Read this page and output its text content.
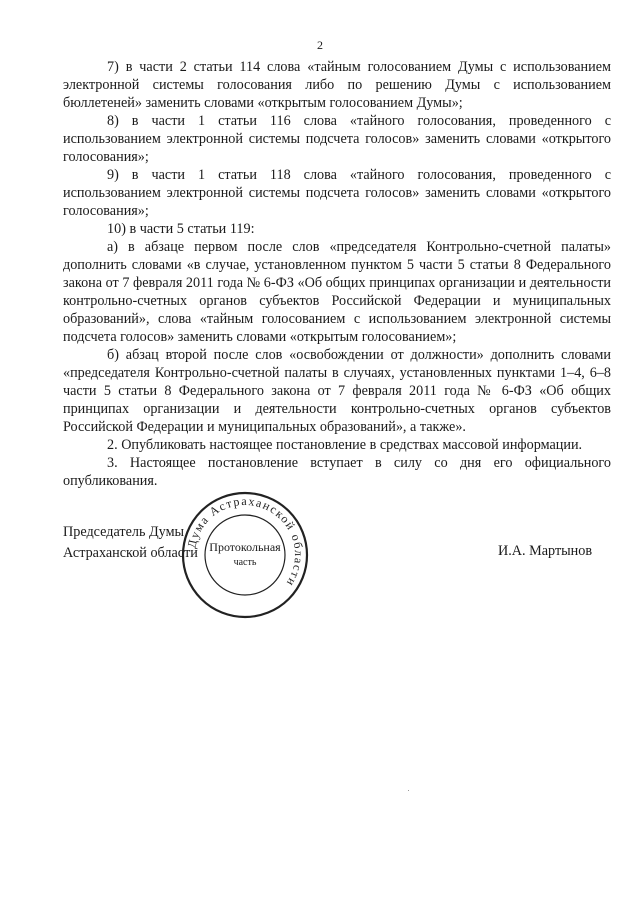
2

7) в части 2 статьи 114 слова «тайным голосованием Думы с использованием электронной системы голосования либо по решению Думы с использованием бюллетеней» заменить словами «открытым голосованием Думы»;

8) в части 1 статьи 116 слова «тайного голосования, проведенного с использованием электронной системы подсчета голосов» заменить словами «открытого голосования»;

9) в части 1 статьи 118 слова «тайного голосования, проведенного с использованием электронной системы подсчета голосов» заменить словами «открытого голосования»;

10) в части 5 статьи 119:

а) в абзаце первом после слов «председателя Контрольно-счетной палаты» дополнить словами «в случае, установленном пунктом 5 части 5 статьи 8 Федерального закона от 7 февраля 2011 года № 6-ФЗ «Об общих принципах организации и деятельности контрольно-счетных органов субъектов Российской Федерации и муниципальных образований», слова «тайным голосованием с использованием электронной системы подсчета голосов» заменить словами «открытым голосованием»;

б) абзац второй после слов «освобождении от должности» дополнить словами «председателя Контрольно-счетной палаты в случаях, установленных пунктами 1–4, 6–8 части 5 статьи 8 Федерального закона от 7 февраля 2011 года № 6-ФЗ «Об общих принципах организации и деятельности контрольно-счетных органов субъектов Российской Федерации и муниципальных образований», а также».

2. Опубликовать настоящее постановление в средствах массовой информации.

3. Настоящее постановление вступает в силу со дня его официального опубликования.

Председатель Думы
Астраханской области
Дума Астраханской области
Протокольная
часть
И.А. Мартынов
